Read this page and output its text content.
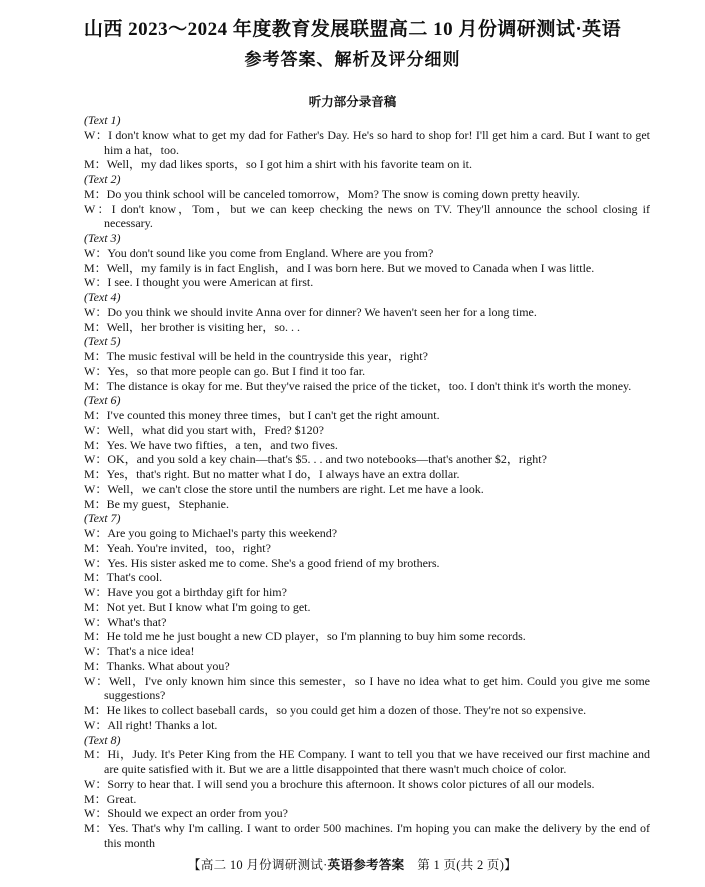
山西 2023～2024 年度教育发展联盟高二 10 月份调研测试·英语
参考答案、解析及评分细则
听力部分录音稿
(Text 1)
W：I don't know what to get my dad for Father's Day. He's so hard to shop for! I'll get him a card. But I want to get him a hat，too.
M：Well，my dad likes sports，so I got him a shirt with his favorite team on it.
(Text 2)
M：Do you think school will be canceled tomorrow，Mom? The snow is coming down pretty heavily.
W：I don't know，Tom，but we can keep checking the news on TV. They'll announce the school closing if necessary.
(Text 3)
W：You don't sound like you come from England. Where are you from?
M：Well，my family is in fact English，and I was born here. But we moved to Canada when I was little.
W：I see. I thought you were American at first.
(Text 4)
W：Do you think we should invite Anna over for dinner? We haven't seen her for a long time.
M：Well，her brother is visiting her，so. . .
(Text 5)
M：The music festival will be held in the countryside this year，right?
W：Yes，so that more people can go. But I find it too far.
M：The distance is okay for me. But they've raised the price of the ticket，too. I don't think it's worth the money.
(Text 6)
M：I've counted this money three times，but I can't get the right amount.
W：Well，what did you start with，Fred? $120?
M：Yes. We have two fifties，a ten，and two fives.
W：OK，and you sold a key chain—that's $5. . . and two notebooks—that's another $2，right?
M：Yes，that's right. But no matter what I do，I always have an extra dollar.
W：Well，we can't close the store until the numbers are right. Let me have a look.
M：Be my guest，Stephanie.
(Text 7)
W：Are you going to Michael's party this weekend?
M：Yeah. You're invited，too，right?
W：Yes. His sister asked me to come. She's a good friend of my brothers.
M：That's cool.
W：Have you got a birthday gift for him?
M：Not yet. But I know what I'm going to get.
W：What's that?
M：He told me he just bought a new CD player，so I'm planning to buy him some records.
W：That's a nice idea!
M：Thanks. What about you?
W：Well，I've only known him since this semester，so I have no idea what to get him. Could you give me some suggestions?
M：He likes to collect baseball cards，so you could get him a dozen of those. They're not so expensive.
W：All right! Thanks a lot.
(Text 8)
M：Hi，Judy. It's Peter King from the HE Company. I want to tell you that we have received our first machine and are quite satisfied with it. But we are a little disappointed that there wasn't much choice of color.
W：Sorry to hear that. I will send you a brochure this afternoon. It shows color pictures of all our models.
M：Great.
W：Should we expect an order from you?
M：Yes. That's why I'm calling. I want to order 500 machines. I'm hoping you can make the delivery by the end of this month
【高二 10 月份调研测试·英语参考答案　第 1 页(共 2 页)】
